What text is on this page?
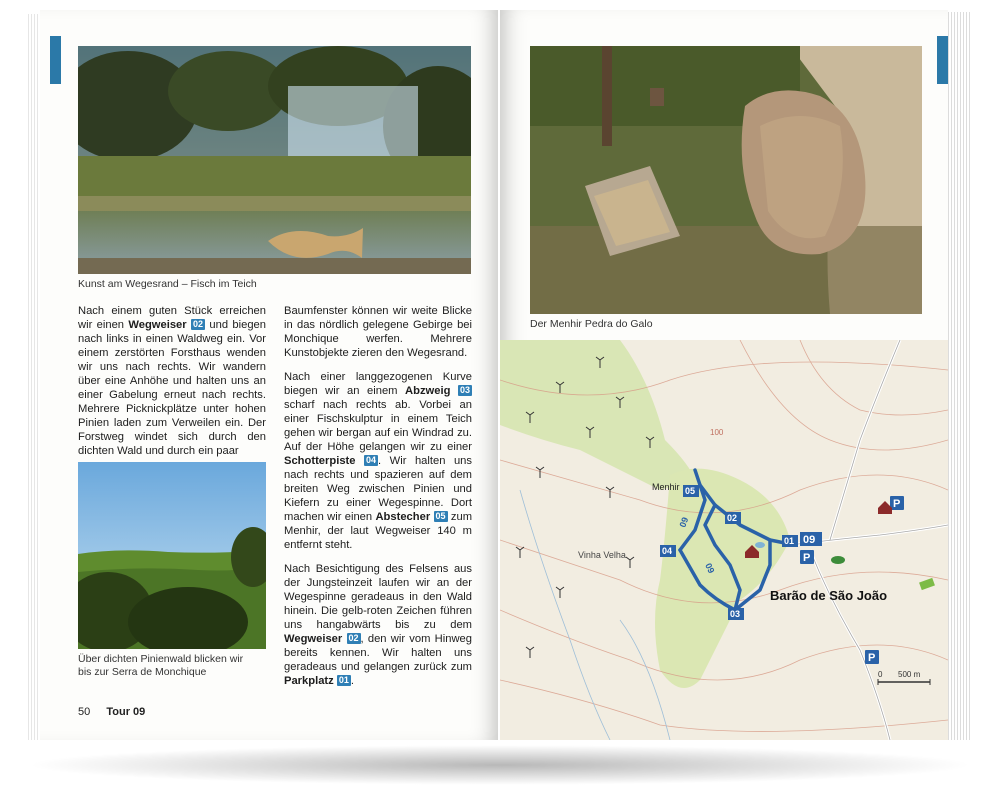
Kunst am Wegesrand – Fisch im Teich

Nach einem guten Stück erreichen wir einen Wegweiser 02 und biegen nach links in einen Waldweg ein. Vor einem zerstörten Forsthaus wenden wir uns nach rechts. Wir wandern über eine Anhöhe und halten uns an einer Gabelung erneut nach rechts. Mehrere Picknickplätze unter hohen Pinien laden zum Verweilen ein. Der Forstweg windet sich durch den dichten Wald und durch ein paar

Über dichten Pinienwald blicken wir
bis zur Serra de Monchique

Baumfenster können wir weite Blicke in das nördlich gelegene Gebirge bei Monchique werfen. Mehrere Kunstobjekte zieren den Wegesrand.

Nach einer langgezogenen Kurve biegen wir an einem Abzweig 03 scharf nach rechts ab. Vorbei an einer Fischskulptur in einem Teich gehen wir bergan auf ein Windrad zu. Auf der Höhe gelangen wir zu einer Schotterpiste 04 . Wir halten uns nach rechts und spazieren auf dem breiten Weg zwischen Pinien und Kiefern zu einer Wegespinne. Dort machen wir einen Abstecher 05 zum Menhir, der laut Wegweiser 140 m entfernt steht.

Nach Besichtigung des Felsens aus der Jungsteinzeit laufen wir an der Wegespinne geradeaus in den Wald hinein. Die gelb-roten Zeichen führen uns hangabwärts bis zu dem Wegweiser 02 , den wir vom Hinweg bereits kennen. Wir halten uns geradeaus und gelangen zurück zum Parkplatz 01 .

50 Tour 09
Der Menhir Pedra do Galo
01
02
03
04
05
09
09
09
P
P
P
Barão de São João
Vinha Velha
Menhir
100
0 500 m
